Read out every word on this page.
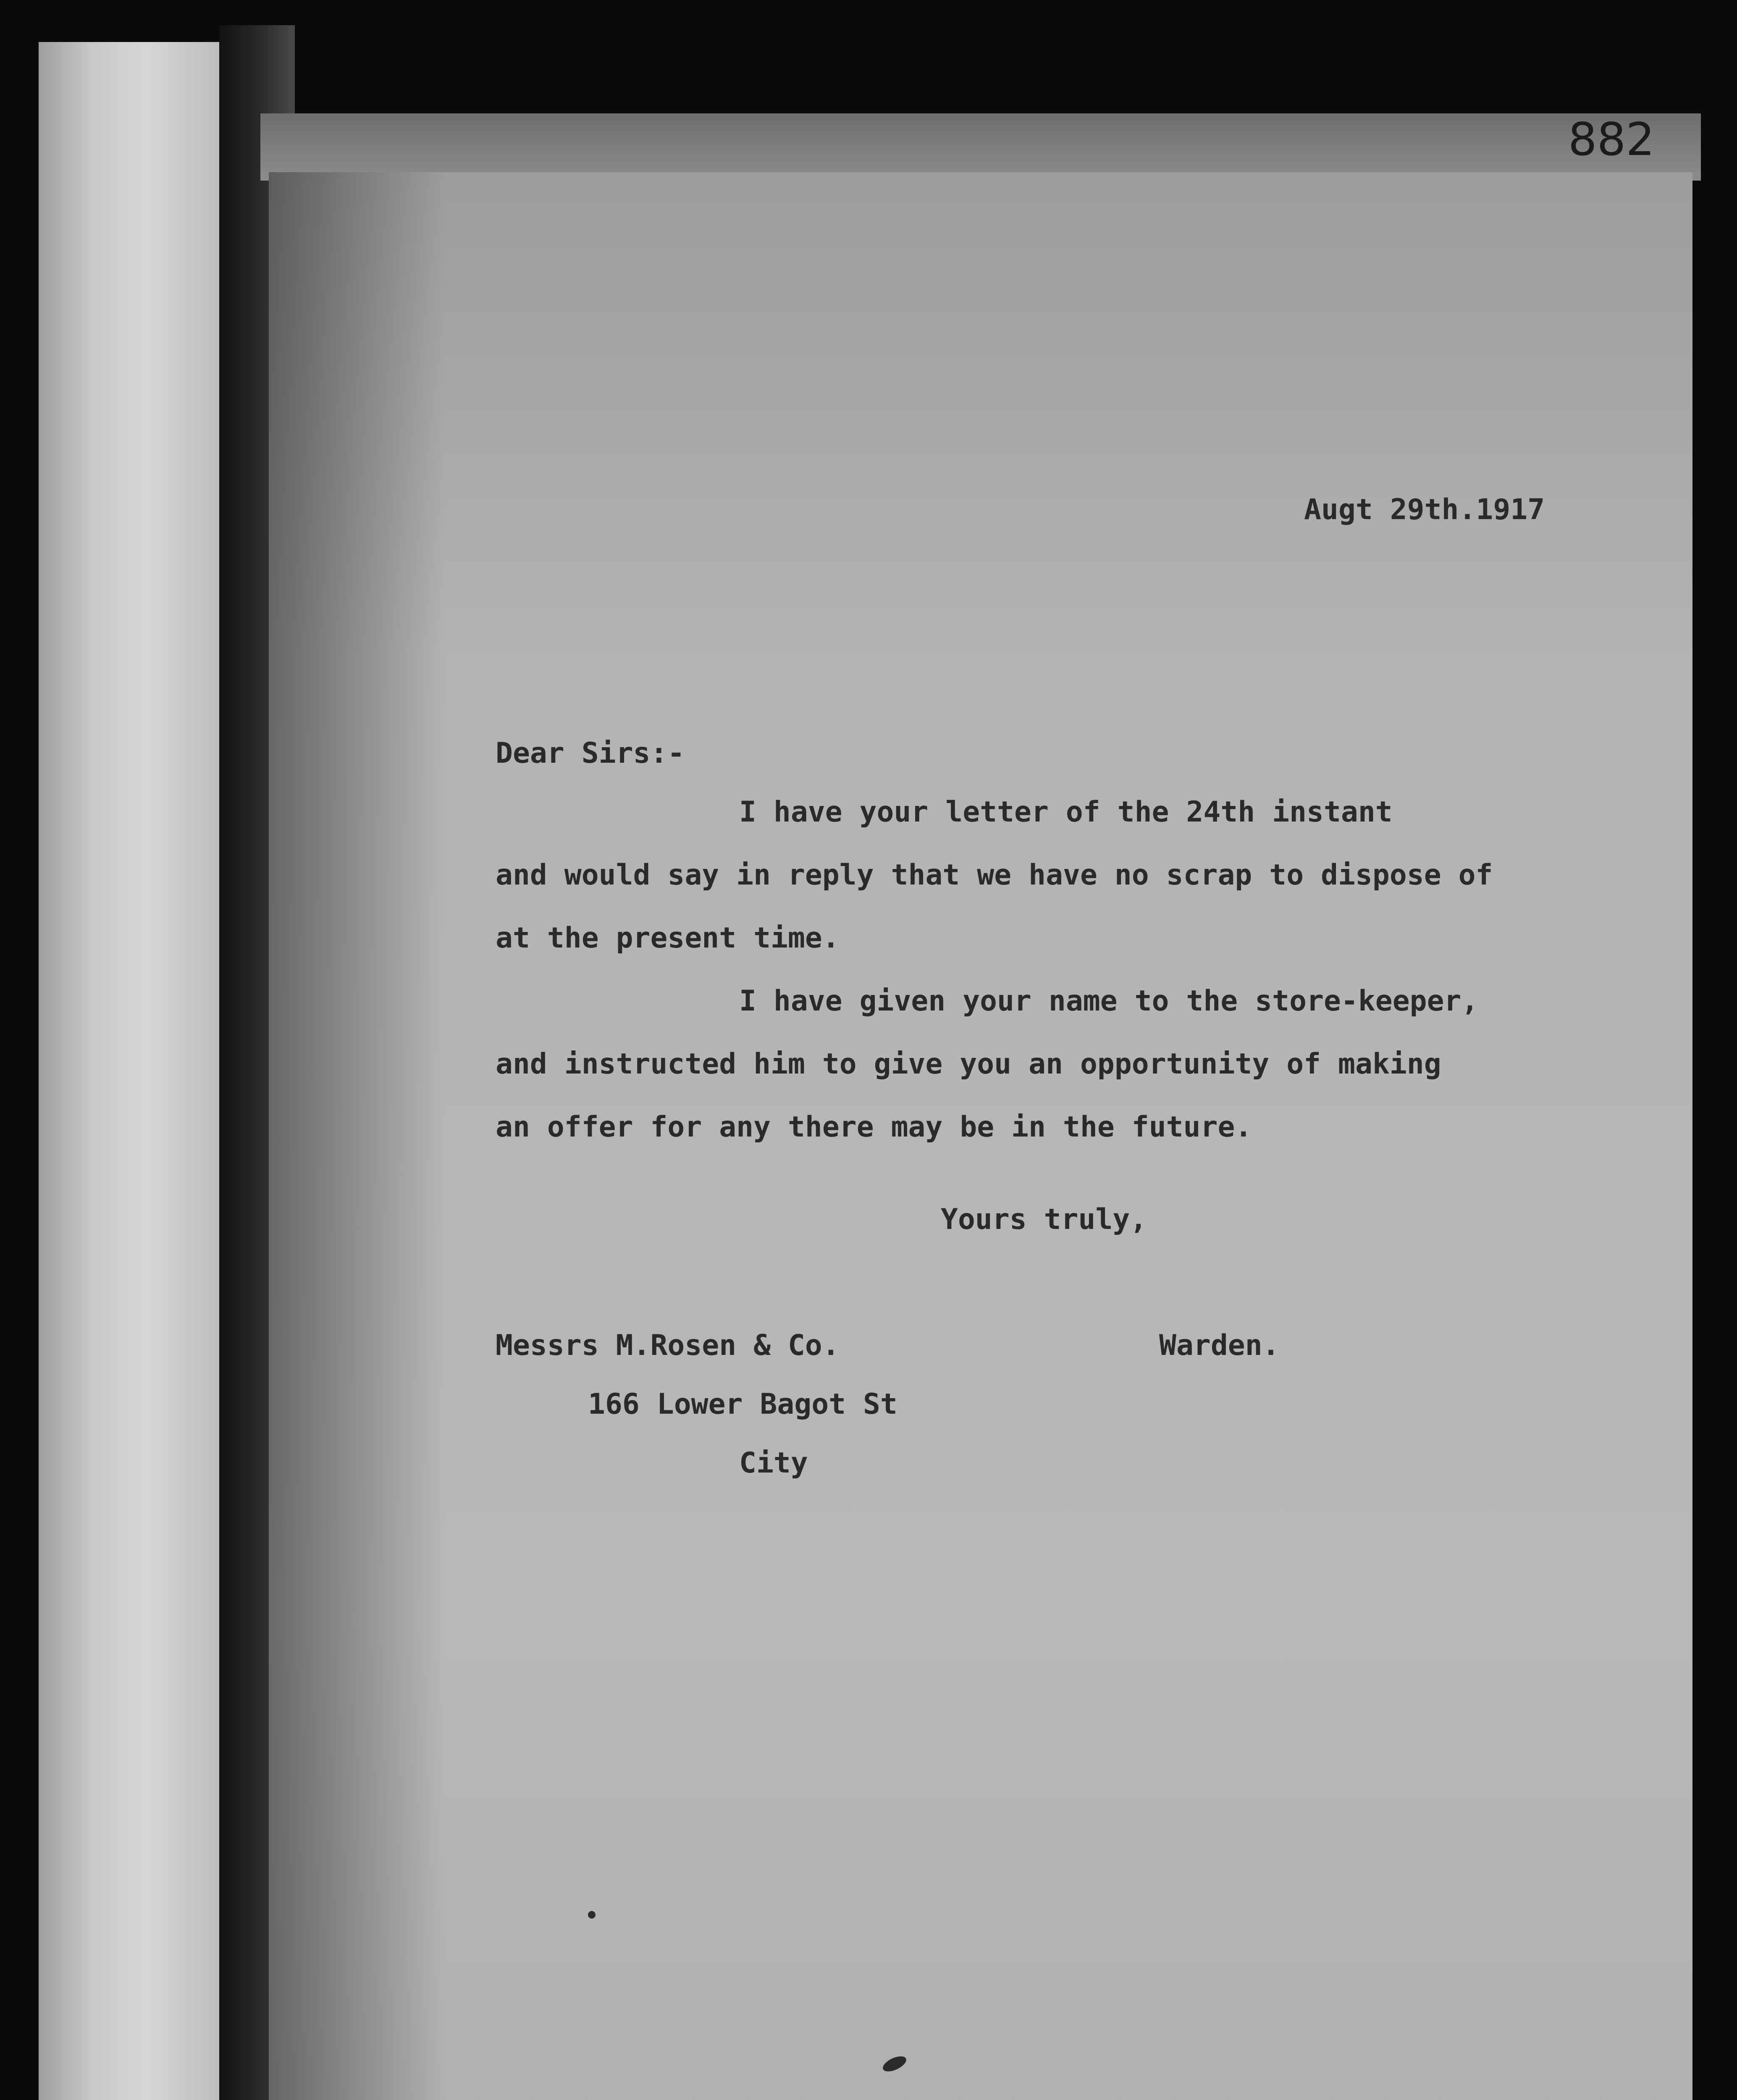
882
Augt 29th.1917
Dear Sirs:-
I have your letter of the 24th instant
and would say in reply that we have no scrap to dispose of
at the present time.
I have given your name to the store-keeper,
and instructed him to give you an opportunity of making
an offer for any there may be in the future.
Yours truly,
Messrs M.Rosen & Co.	Warden.
166 Lower Bagot St
City
